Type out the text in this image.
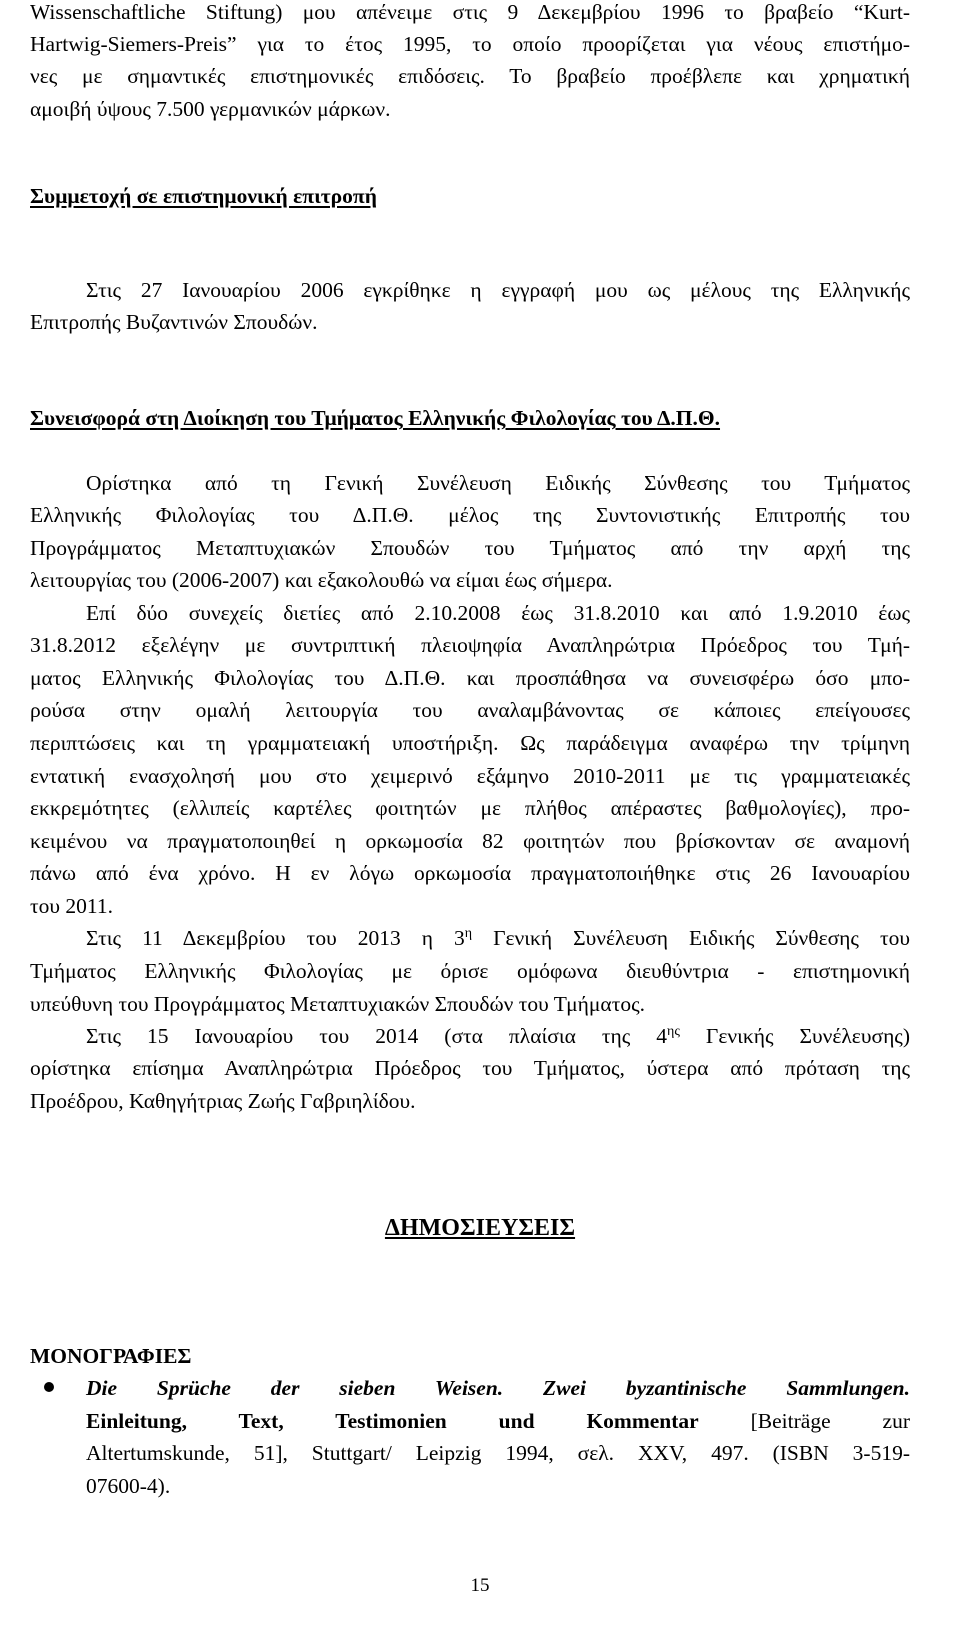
Wissenschaftliche Stiftung) μου απένειμε στις 9 Δεκεμβρίου 1996 το βραβείο “Kurt-
Hartwig-Siemers-Preis” για το έτος 1995, το οποίο προορίζεται για νέους επιστήμο-
νες με σημαντικές επιστημονικές επιδόσεις. Το βραβείο προέβλεπε και χρηματική
αμοιβή ύψους 7.500 γερμανικών μάρκων.
Συμμετοχή σε επιστημονική επιτροπή
Στις 27 Ιανουαρίου 2006 εγκρίθηκε η εγγραφή μου ως μέλους της Ελληνικής
Επιτροπής Βυζαντινών Σπουδών.
Συνεισφορά στη Διοίκηση του Τμήματος Ελληνικής Φιλολογίας του Δ.Π.Θ.
Ορίστηκα από τη Γενική Συνέλευση Ειδικής Σύνθεσης του Τμήματος
Ελληνικής Φιλολογίας του Δ.Π.Θ. μέλος της Συντονιστικής Επιτροπής του
Προγράμματος Μεταπτυχιακών Σπουδών του Τμήματος από την αρχή της
λειτουργίας του (2006-2007) και εξακολουθώ να είμαι έως σήμερα.
Επί δύο συνεχείς διετίες από 2.10.2008 έως 31.8.2010 και από 1.9.2010 έως
31.8.2012 εξελέγην με συντριπτική πλειοψηφία Αναπληρώτρια Πρόεδρος του Τμή-
ματος Ελληνικής Φιλολογίας του Δ.Π.Θ. και προσπάθησα να συνεισφέρω όσο μπο-
ρούσα στην ομαλή λειτουργία του αναλαμβάνοντας σε κάποιες επείγουσες
περιπτώσεις και τη γραμματειακή υποστήριξη. Ως παράδειγμα αναφέρω την τρίμηνη
εντατική ενασχολησή μου στο χειμερινό εξάμηνο 2010-2011 με τις γραμματειακές
εκκρεμότητες (ελλιπείς καρτέλες φοιτητών με πλήθος απέραστες βαθμολογίες), προ-
κειμένου να πραγματοποιηθεί η ορκωμοσία 82 φοιτητών που βρίσκονταν σε αναμονή
πάνω από ένα χρόνο. Η εν λόγω ορκωμοσία πραγματοποιήθηκε στις 26 Ιανουαρίου
του 2011.
Στις 11 Δεκεμβρίου του 2013 η $3^\eta$ Γενική Συνέλευση Ειδικής Σύνθεσης του
Τμήματος Ελληνικής Φιλολογίας με όρισε ομόφωνα διευθύντρια - επιστημονική
υπεύθυνη του Προγράμματος Μεταπτυχιακών Σπουδών του Τμήματος.
Στις 15 Ιανουαρίου του 2014 (στα πλαίσια της $4^{\eta\varsigma}$ Γενικής Συνέλευσης)
ορίστηκα επίσημα Αναπληρώτρια Πρόεδρος του Τμήματος, ύστερα από πρόταση της
Προέδρου, Καθηγήτριας Ζωής Γαβριηλίδου.
ΔΗΜΟΣΙΕΥΣΕΙΣ
ΜΟΝΟΓΡΑΦΙΕΣ
Die Sprüche der sieben Weisen. Zwei byzantinische Sammlungen.
Einleitung, Text, Testimonien und Kommentar [Beiträge zur
Altertumskunde, 51], Stuttgart/ Leipzig 1994, σελ. XXV, 497. (ISBN 3-519-
07600-4).
15
